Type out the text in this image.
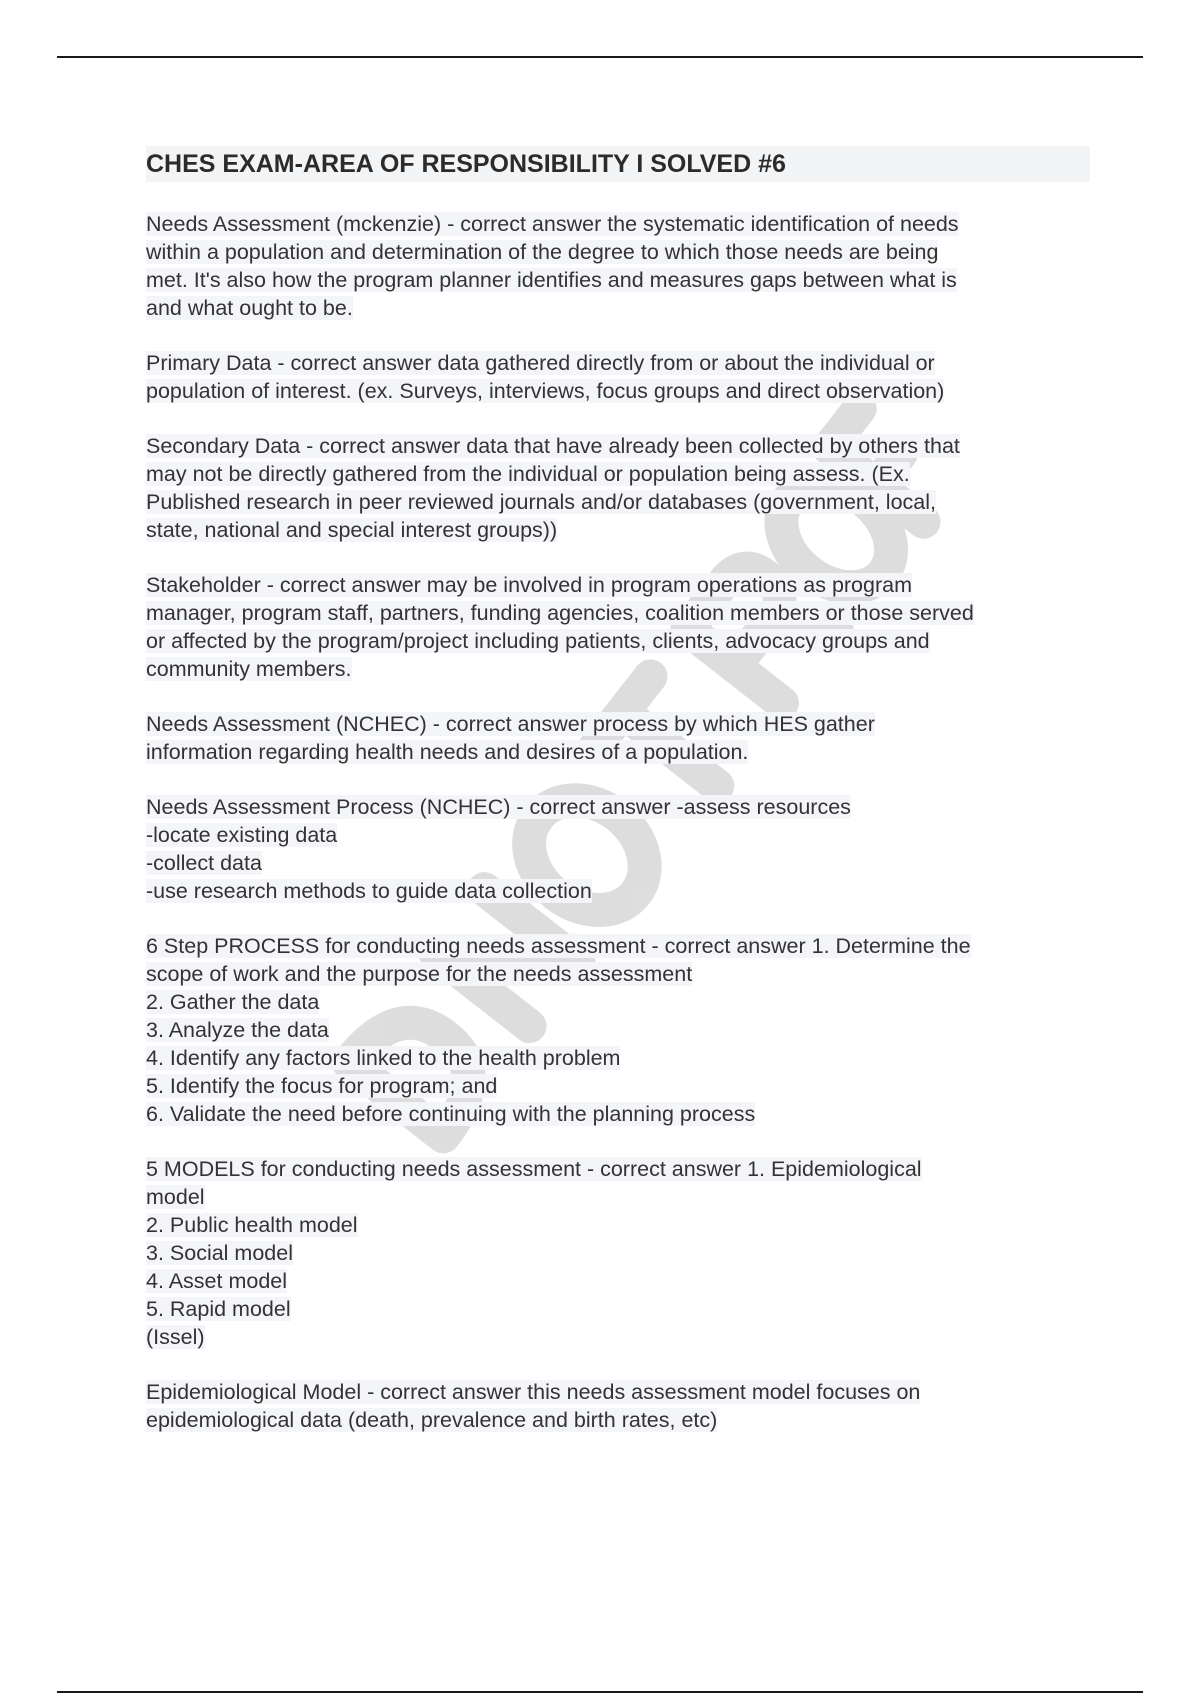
CHES EXAM-AREA OF RESPONSIBILITY I SOLVED #6
Needs Assessment (mckenzie) - correct answer the systematic identification of needs
within a population and determination of the degree to which those needs are being
met. It's also how the program planner identifies and measures gaps between what is
and what ought to be.
Primary Data - correct answer data gathered directly from or about the individual or
population of interest. (ex. Surveys, interviews, focus groups and direct observation)
Secondary Data - correct answer data that have already been collected by others that
may not be directly gathered from the individual or population being assess. (Ex.
Published research in peer reviewed journals and/or databases (government, local,
state, national and special interest groups))
Stakeholder - correct answer may be involved in program operations as program
manager, program staff, partners, funding agencies, coalition members or those served
or affected by the program/project including patients, clients, advocacy groups and
community members.
Needs Assessment (NCHEC) - correct answer process by which HES gather
information regarding health needs and desires of a population.
Needs Assessment Process (NCHEC) - correct answer -assess resources
-locate existing data
-collect data
-use research methods to guide data collection
6 Step PROCESS for conducting needs assessment - correct answer 1. Determine the
scope of work and the purpose for the needs assessment
2. Gather the data
3. Analyze the data
4. Identify any factors linked to the health problem
5. Identify the focus for program; and
6. Validate the need before continuing with the planning process
5 MODELS for conducting needs assessment - correct answer 1. Epidemiological
model
2. Public health model
3. Social model
4. Asset model
5. Rapid model
(Issel)
Epidemiological Model - correct answer this needs assessment model focuses on
epidemiological data (death, prevalence and birth rates, etc)
